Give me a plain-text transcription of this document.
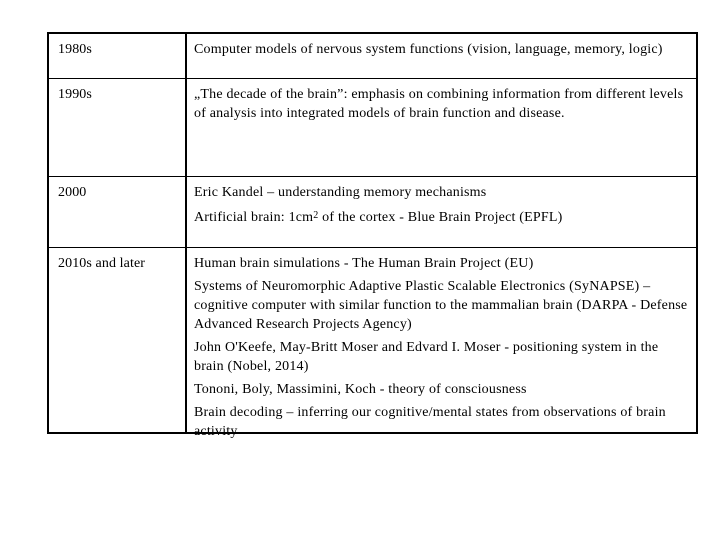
1980s	Computer models of nervous system functions (vision, language, memory, logic)
1990s	„The decade of the brain”: emphasis on combining information from different levels of analysis into integrated models of brain function and disease.
2000	Eric Kandel – understanding memory mechanisms
Artificial brain: $1cm^2$ of the cortex - Blue Brain Project (EPFL)
2010s and later	Human brain simulations - The Human Brain Project (EU)
Systems of Neuromorphic Adaptive Plastic Scalable Electronics (SyNAPSE) – cognitive computer with similar function to the mammalian brain (DARPA - Defense Advanced Research Projects Agency)
John O'Keefe, May-Britt Moser and Edvard I. Moser - positioning system in the brain (Nobel, 2014)
Tononi, Boly, Massimini, Koch - theory of consciousness
Brain decoding – inferring our cognitive/mental states from observations of brain activity
